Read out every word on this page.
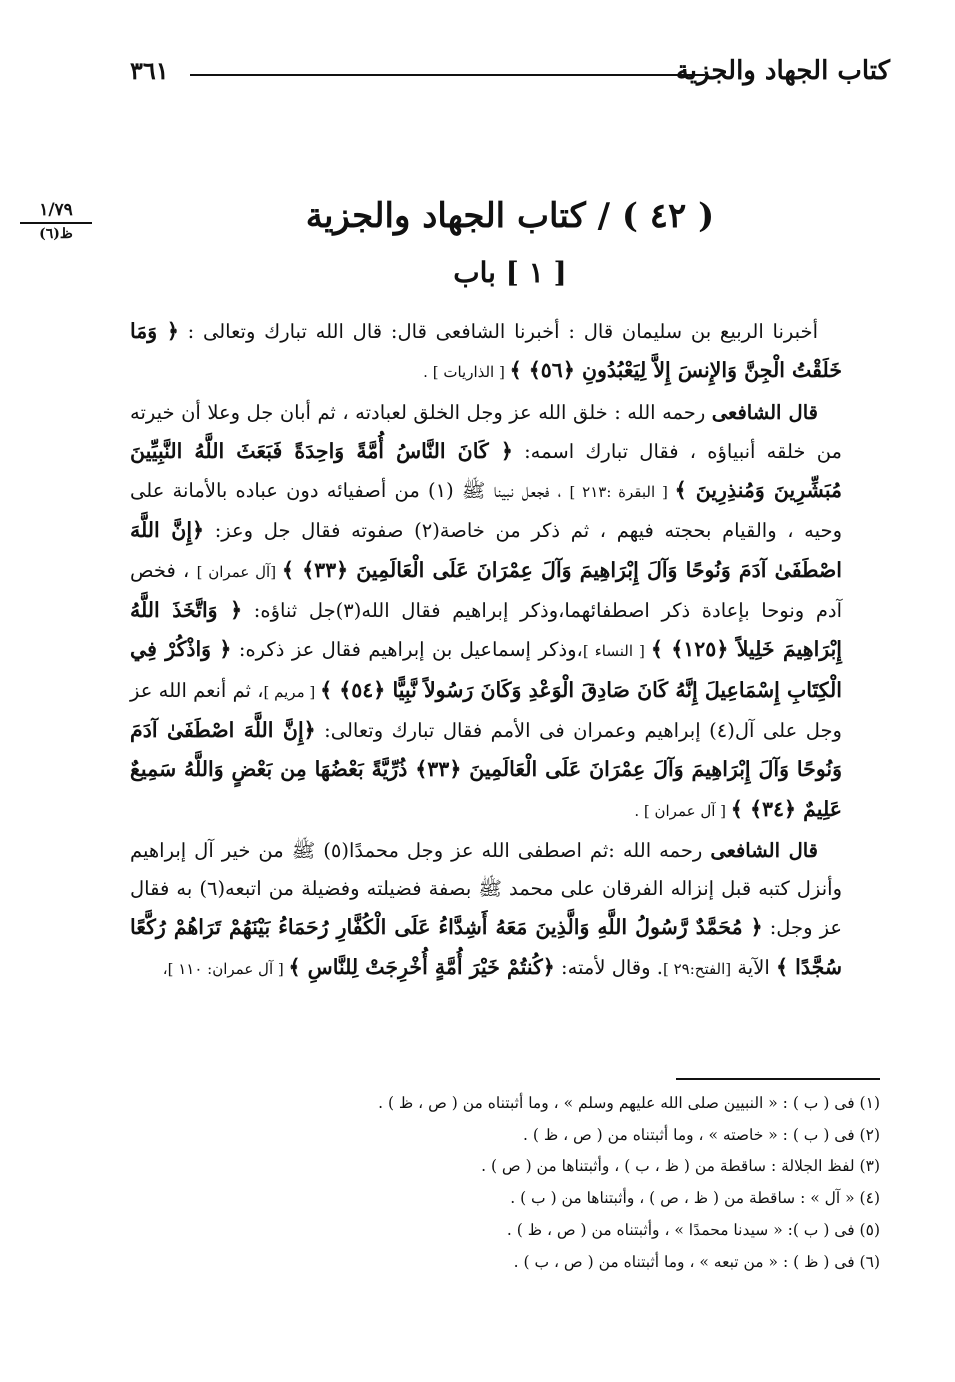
كتاب الجهاد والجزية
٣٦١
١/٧٩
ظ(٦)	( ٤٢ ) / كتاب الجهاد والجزية
[ ١ ] باب

أخبرنا الربيع بن سليمان قال : أخبرنا الشافعى قال: قال الله تبارك وتعالى : ﴿ وَمَا خَلَقْتُ الْجِنَّ وَالإِنسَ إِلاَّ لِيَعْبُدُونِ ﴿٥٦﴾ ﴾ [ الذاريات ] .

قال الشافعى رحمه الله : خلق الله عز وجل الخلق لعبادته ، ثم أبان جل وعلا أن خيرته من خلقه أنبياؤه ، فقال تبارك اسمه: ﴿ كَانَ النَّاسُ أُمَّةً وَاحِدَةً فَبَعَثَ اللَّهُ النَّبِيِّينَ مُبَشِّرِينَ وَمُنذِرِينَ ﴾ [ البقرة :٢١٣ ] ، فجعل نبينا ﷺ (١) من أصفيائه دون عباده بالأمانة على وحيه ، والقيام بحجته فيهم ، ثم ذكر من خاصة(٢) صفوته فقال جل وعز: ﴿إِنَّ اللَّهَ اصْطَفَىٰ آدَمَ وَنُوحًا وَآلَ إِبْرَاهِيمَ وَآلَ عِمْرَانَ عَلَى الْعَالَمِينَ ﴿٣٣﴾ ﴾ [آل عمران ] ، فخص آدم ونوحا بإعادة ذكر اصطفائهما،وذكر إبراهيم فقال الله(٣)جل ثناؤه: ﴿ وَاتَّخَذَ اللَّهُ إِبْرَاهِيمَ خَلِيلاً ﴿١٢٥﴾ ﴾ [ النساء ]،وذكر إسماعيل بن إبراهيم فقال عز ذكره: ﴿ وَاذْكُرْ فِي الْكِتَابِ إِسْمَاعِيلَ إِنَّهُ كَانَ صَادِقَ الْوَعْدِ وَكَانَ رَسُولاً نَّبِيًّا ﴿٥٤﴾ ﴾ [ مريم ]، ثم أنعم الله عز وجل على آل(٤) إبراهيم وعمران فى الأمم فقال تبارك وتعالى: ﴿إِنَّ اللَّهَ اصْطَفَىٰ آدَمَ وَنُوحًا وَآلَ إِبْرَاهِيمَ وَآلَ عِمْرَانَ عَلَى الْعَالَمِينَ ﴿٣٣﴾ ذُرِّيَّةً بَعْضُهَا مِن بَعْضٍ وَاللَّهُ سَمِيعٌ عَلِيمٌ ﴿٣٤﴾ ﴾ [ آل عمران ] .

قال الشافعى رحمه الله :ثم اصطفى الله عز وجل محمدًا(٥) ﷺ من خير آل إبراهيم وأنزل كتبه قبل إنزاله الفرقان على محمد ﷺ بصفة فضيلته وفضيلة من اتبعه(٦) به فقال عز وجل: ﴿ مُحَمَّدٌ رَّسُولُ اللَّهِ وَالَّذِينَ مَعَهُ أَشِدَّاءُ عَلَى الْكُفَّارِ رُحَمَاءُ بَيْنَهُمْ تَرَاهُمْ رُكَّعًا سُجَّدًا ﴾ الآية [الفتح:٢٩ ]. وقال لأمته: ﴿كُنتُمْ خَيْرَ أُمَّةٍ أُخْرِجَتْ لِلنَّاسِ ﴾ [ آل عمران: ١١٠ ]،

(١) فى ( ب ) : « النبيين صلى الله عليهم وسلم » ، وما أثبتناه من ( ص ، ظ ) .
(٢) فى ( ب ) : « خاصته » ، وما أثبتناه من ( ص ، ظ ) .
(٣) لفظ الجلالة : ساقطة من ( ظ ، ب ) ، وأثبتناها من ( ص ) .
(٤) « آل » : ساقطة من ( ظ ، ص ) ، وأثبتناها من ( ب ) .
(٥) فى ( ب ): « سيدنا محمدًا » ، وأثبتناه من ( ص ، ظ ) .
(٦) فى ( ظ ) : « من تبعه » ، وما أثبتناه من ( ص ، ب ) .
